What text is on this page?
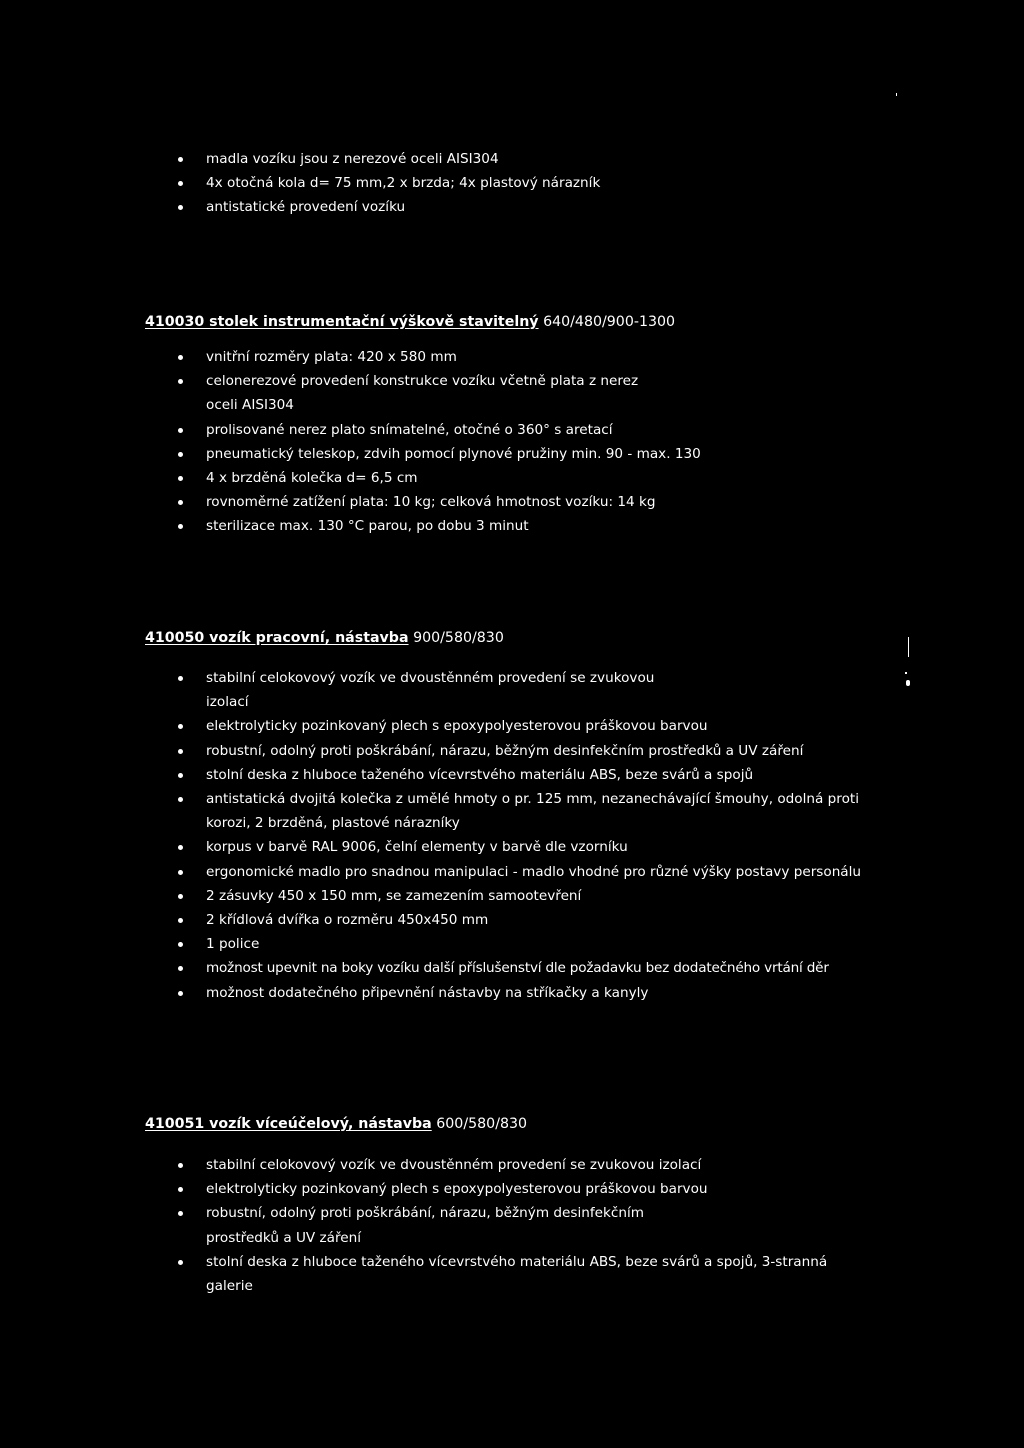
madla vozíku jsou z nerezové oceli AISI304
4x otočná kola d= 75 mm,2 x brzda; 4x plastový nárazník
antistatické provedení vozíku
410030 stolek instrumentační výškově stavitelný 640/480/900-1300
vnitřní rozměry plata: 420 x 580 mm
celonerezové provedení konstrukce vozíku včetně plata z nerez oceli AISI304
prolisované nerez plato snímatelné, otočné o 360° s aretací
pneumatický teleskop, zdvih pomocí plynové pružiny min. 90 - max. 130
4 x brzděná kolečka d= 6,5 cm
rovnoměrné zatížení plata: 10 kg; celková hmotnost vozíku: 14 kg
sterilizace max. 130 °C parou, po dobu 3 minut
410050 vozík pracovní, nástavba 900/580/830
stabilní celokovový vozík ve dvoustěnném provedení se zvukovou izolací
elektrolyticky pozinkovaný plech s epoxypolyesterovou práškovou barvou
robustní, odolný proti poškrábání, nárazu, běžným desinfekčním prostředků a UV záření
stolní deska z hluboce taženého vícevrstvého materiálu ABS, beze svárů a spojů
antistatická dvojitá kolečka z umělé hmoty o pr. 125 mm, nezanechávající šmouhy, odolná proti korozi, 2 brzděná, plastové nárazníky
korpus v barvě RAL 9006, čelní elementy v barvě dle vzorníku
ergonomické madlo pro snadnou manipulaci - madlo vhodné pro různé výšky postavy personálu
2 zásuvky 450 x 150 mm, se zamezením samootevření
2 křídlová dvířka o rozměru 450x450 mm
1 police
možnost upevnit na boky vozíku další příslušenství dle požadavku bez dodatečného vrtání děr
možnost dodatečného připevnění nástavby na stříkačky a kanyly
410051 vozík víceúčelový, nástavba 600/580/830
stabilní celokovový vozík ve dvoustěnném provedení se zvukovou izolací
elektrolyticky pozinkovaný plech s epoxypolyesterovou práškovou barvou
robustní, odolný proti poškrábání, nárazu, běžným desinfekčním prostředků a UV záření
stolní deska z hluboce taženého vícevrstvého materiálu ABS, beze svárů a spojů, 3-stranná galerie
